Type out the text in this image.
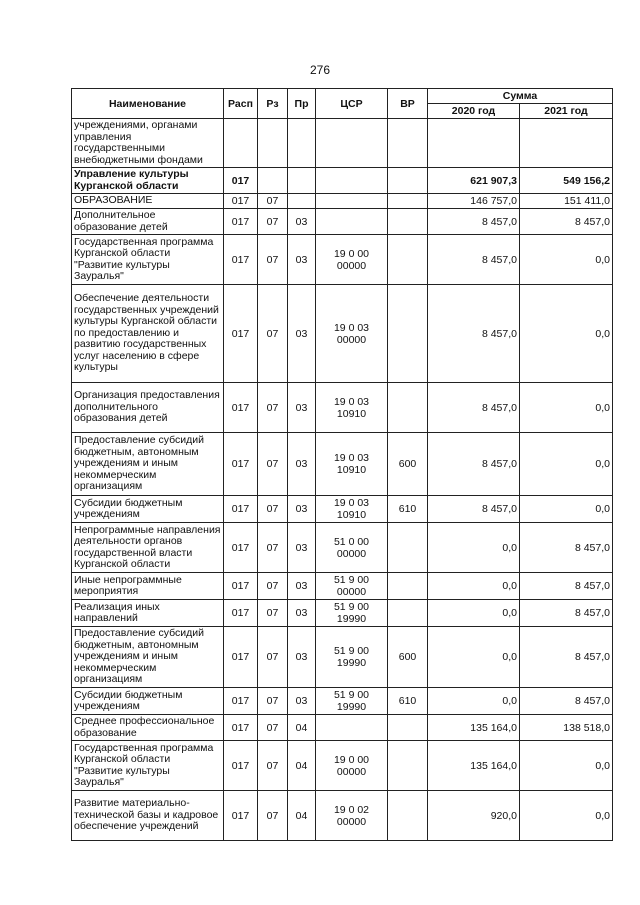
276
Наименование	Расп	Рз	Пр	ЦСР	ВР	Сумма	
						2020 год	2021 год
учреждениями, органами управления государственными внебюджетными фондами							
Управление культуры Курганской области	017					621 907,3	549 156,2
ОБРАЗОВАНИЕ	017	07				146 757,0	151 411,0
Дополнительное образование детей	017	07	03			8 457,0	8 457,0
Государственная программа Курганской области "Развитие культуры Зауралья"	017	07	03	19 0 00 00000		8 457,0	0,0
Обеспечение деятельности государственных учреждений культуры Курганской области по предоставлению и развитию государственных услуг населению в сфере культуры	017	07	03	19 0 03 00000		8 457,0	0,0
Организация предоставления дополнительного образования детей	017	07	03	19 0 03 10910		8 457,0	0,0
Предоставление субсидий бюджетным, автономным учреждениям и иным некоммерческим организациям	017	07	03	19 0 03 10910	600	8 457,0	0,0
Субсидии бюджетным учреждениям	017	07	03	19 0 03 10910	610	8 457,0	0,0
Непрограммные направления деятельности органов государственной власти Курганской области	017	07	03	51 0 00 00000		0,0	8 457,0
Иные непрограммные мероприятия	017	07	03	51 9 00 00000		0,0	8 457,0
Реализация иных направлений	017	07	03	51 9 00 19990		0,0	8 457,0
Предоставление субсидий бюджетным, автономным учреждениям и иным некоммерческим организациям	017	07	03	51 9 00 19990	600	0,0	8 457,0
Субсидии бюджетным учреждениям	017	07	03	51 9 00 19990	610	0,0	8 457,0
Среднее профессиональное образование	017	07	04			135 164,0	138 518,0
Государственная программа Курганской области "Развитие культуры Зауралья"	017	07	04	19 0 00 00000		135 164,0	0,0
Развитие материально-технической базы и кадровое обеспечение учреждений	017	07	04	19 0 02 00000		920,0	0,0
